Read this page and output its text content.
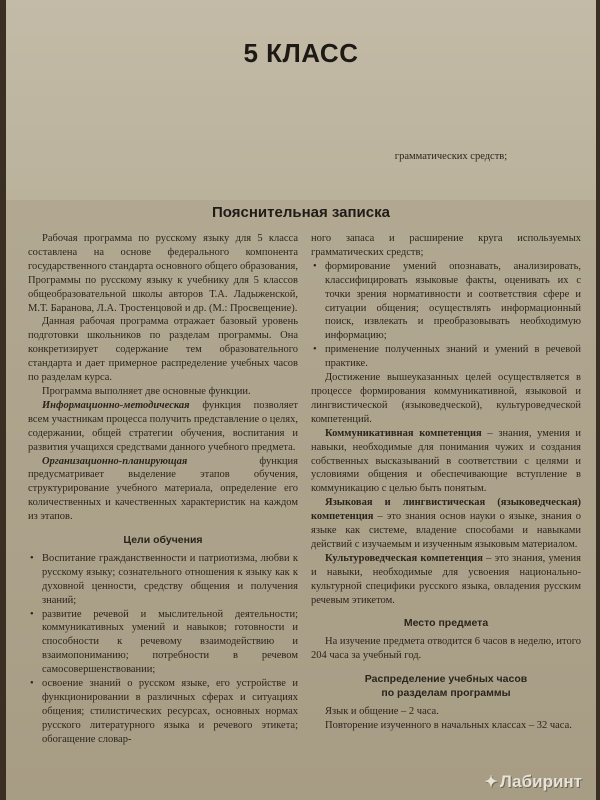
5 КЛАСС
грамматических средств;
Пояснительная записка

Рабочая программа по русскому языку для 5 класса составлена на основе федерального компонента государственного стандарта основного общего образования, Программы по русскому языку к учебнику для 5 классов общеобразовательной школы авторов Т.А. Ладыженской, М.Т. Баранова, Л.А. Тростенцовой и др. (М.: Просвещение).

Данная рабочая программа отражает базовый уровень подготовки школьников по разделам программы. Она конкретизирует содержание тем образовательного стандарта и дает примерное распределение учебных часов по разделам курса.

Программа выполняет две основные функции.

Информационно-методическая функция позволяет всем участникам процесса получить представление о целях, содержании, общей стратегии обучения, воспитания и развития учащихся средствами данного учебного предмета.

Организационно-планирующая функция предусматривает выделение этапов обучения, структурирование учебного материала, определение его количественных и качественных характеристик на каждом из этапов.

Цели обучения

• Воспитание гражданственности и патриотизма, любви к русскому языку; сознательного отношения к языку как к духовной ценности, средству общения и получения знаний;
• развитие речевой и мыслительной деятельности; коммуникативных умений и навыков; готовности и способности к речевому взаимодействию и взаимопониманию; потребности в речевом самосовершенствовании;
• освоение знаний о русском языке, его устройстве и функционировании в различных сферах и ситуациях общения; стилистических ресурсах, основных нормах русского литературного языка и речевого этикета; обогащение словар-

ного запаса и расширение круга используемых грамматических средств;

• формирование умений опознавать, анализировать, классифицировать языковые факты, оценивать их с точки зрения нормативности и соответствия сфере и ситуации общения; осуществлять информационный поиск, извлекать и преобразовывать необходимую информацию;
• применение полученных знаний и умений в речевой практике.

Достижение вышеуказанных целей осуществляется в процессе формирования коммуникативной, языковой и лингвистической (языковедческой), культуроведческой компетенций.

Коммуникативная компетенция – знания, умения и навыки, необходимые для понимания чужих и создания собственных высказываний в соответствии с целями и условиями общения и обеспечивающие вступление в коммуникацию с целью быть понятым.

Языковая и лингвистическая (языковедческая) компетенция – это знания основ науки о языке, знания о языке как системе, владение способами и навыками действий с изучаемым и изученным языковым материалом.

Культуроведческая компетенция – это знания, умения и навыки, необходимые для усвоения национально-культурной специфики русского языка, овладения русским речевым этикетом.

Место предмета

На изучение предмета отводится 6 часов в неделю, итого 204 часа за учебный год.

Распределение учебных часов

по разделам программы

Язык и общение – 2 часа.

Повторение изученного в начальных классах – 32 часа.

✦ Лабиринт
